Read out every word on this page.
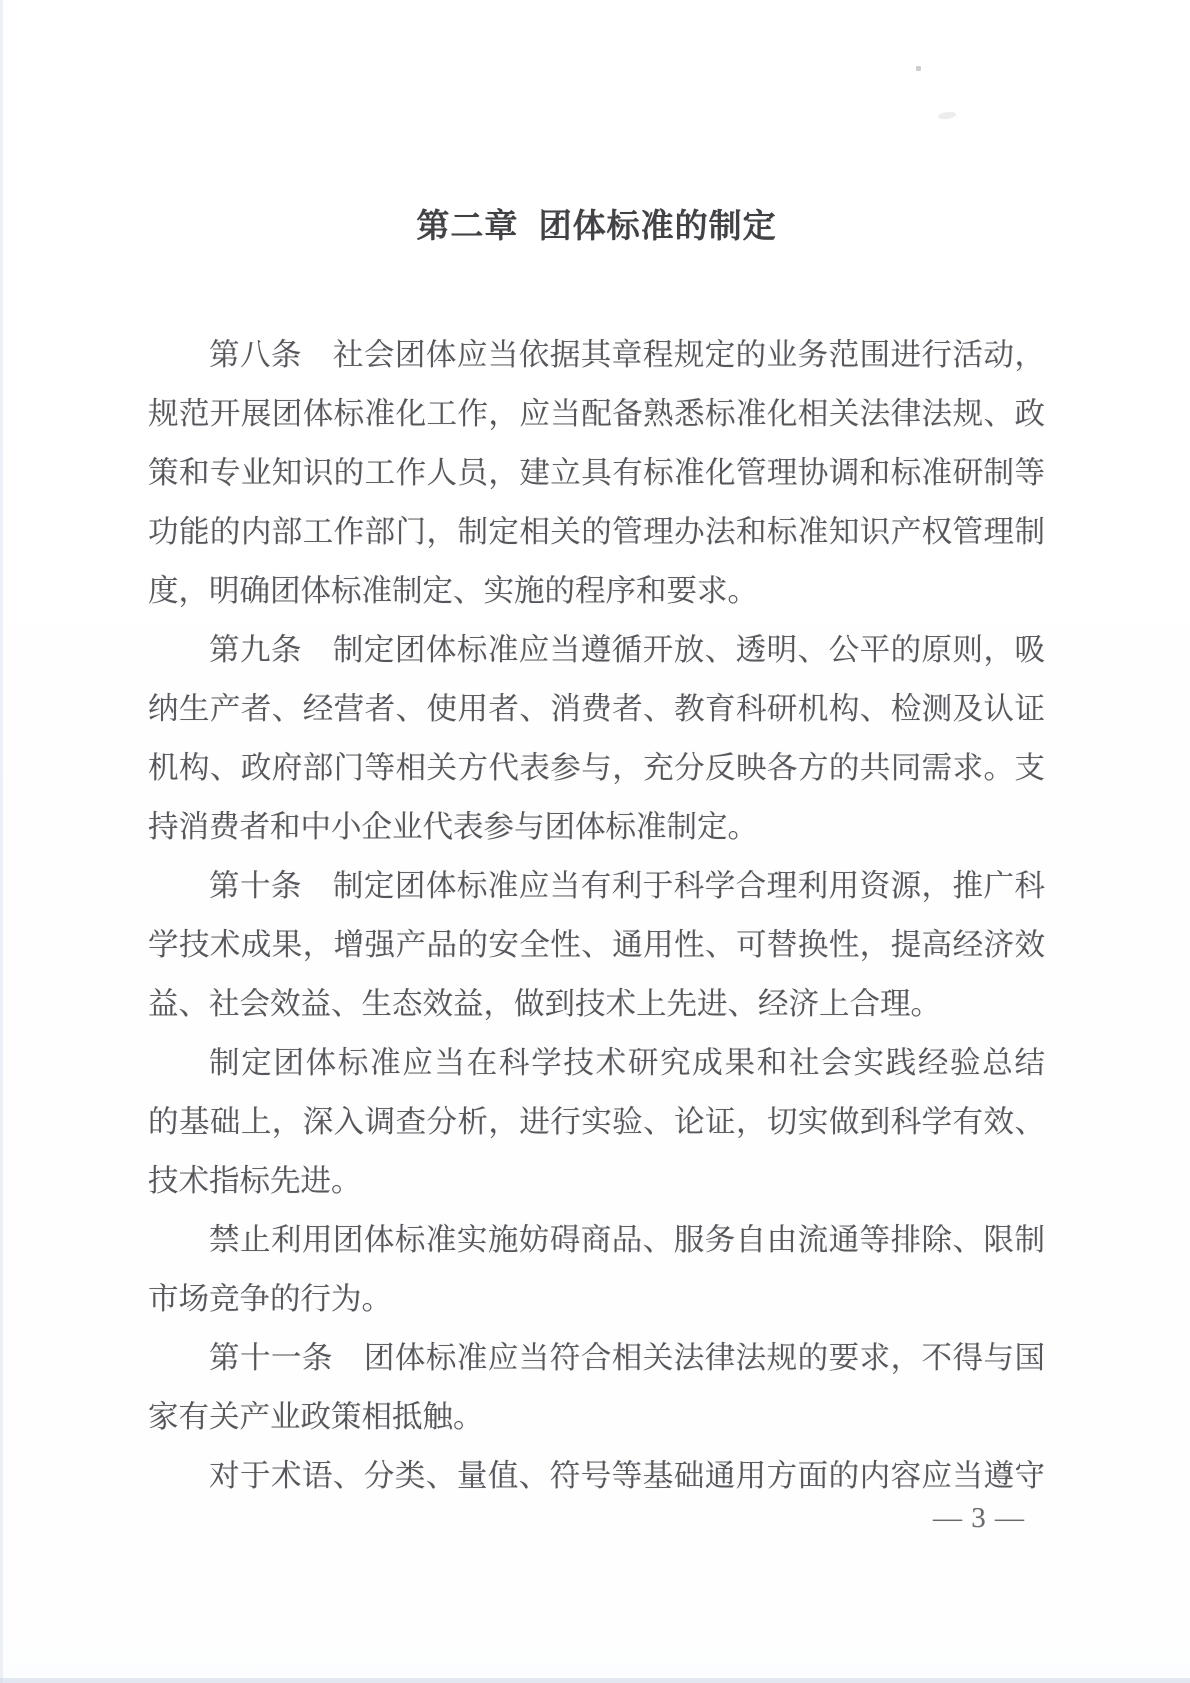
第二章  团体标准的制定
第八条　社会团体应当依据其章程规定的业务范围进行活动，
规范开展团体标准化工作，应当配备熟悉标准化相关法律法规、政
策和专业知识的工作人员，建立具有标准化管理协调和标准研制等
功能的内部工作部门，制定相关的管理办法和标准知识产权管理制
度，明确团体标准制定、实施的程序和要求。
第九条　制定团体标准应当遵循开放、透明、公平的原则，吸
纳生产者、经营者、使用者、消费者、教育科研机构、检测及认证
机构、政府部门等相关方代表参与，充分反映各方的共同需求。支
持消费者和中小企业代表参与团体标准制定。
第十条　制定团体标准应当有利于科学合理利用资源，推广科
学技术成果，增强产品的安全性、通用性、可替换性，提高经济效
益、社会效益、生态效益，做到技术上先进、经济上合理。
制定团体标准应当在科学技术研究成果和社会实践经验总结
的基础上，深入调查分析，进行实验、论证，切实做到科学有效、
技术指标先进。
禁止利用团体标准实施妨碍商品、服务自由流通等排除、限制
市场竞争的行为。
第十一条　团体标准应当符合相关法律法规的要求，不得与国
家有关产业政策相抵触。
对于术语、分类、量值、符号等基础通用方面的内容应当遵守
— 3 —
